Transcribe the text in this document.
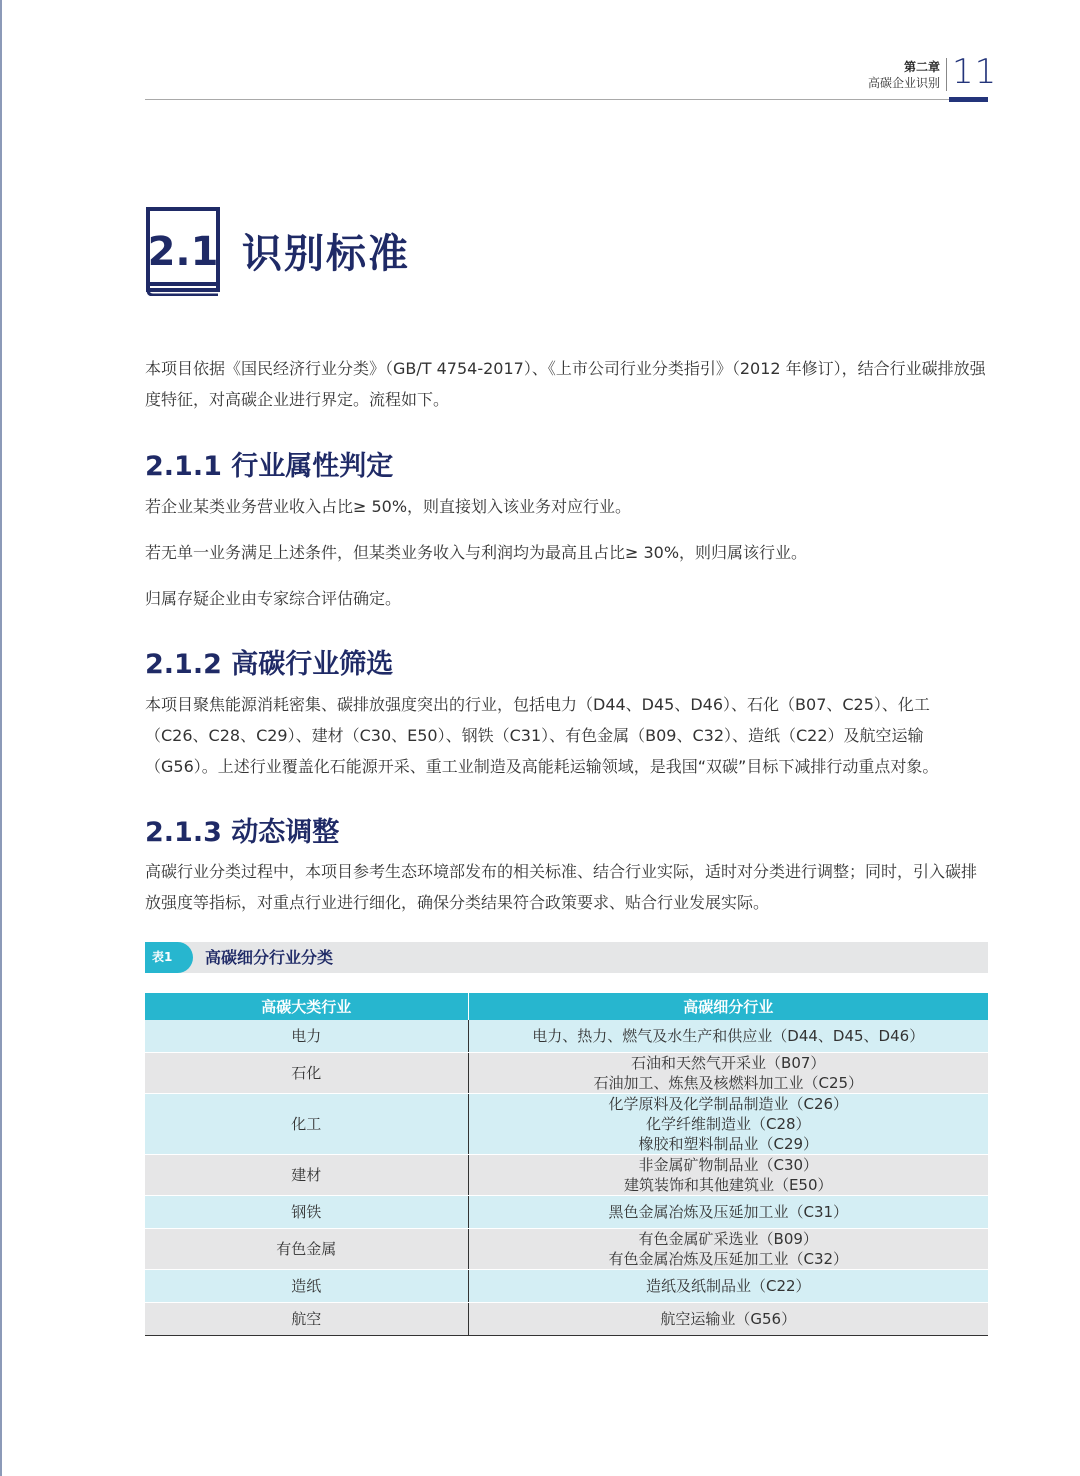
第二章
高碳企业识别 11
2.1 识别标准
本项目依据《国民经济行业分类》（GB/T 4754-2017）、《上市公司行业分类指引》（2012 年修订），结合行业碳排放强度特征，对高碳企业进行界定。流程如下。
2.1.1 行业属性判定
若企业某类业务营业收入占比≥ 50%，则直接划入该业务对应行业。
若无单一业务满足上述条件，但某类业务收入与利润均为最高且占比≥ 30%，则归属该行业。
归属存疑企业由专家综合评估确定。
2.1.2 高碳行业筛选
本项目聚焦能源消耗密集、碳排放强度突出的行业，包括电力（D44、D45、D46）、石化（B07、C25）、化工（C26、C28、C29）、建材（C30、E50）、钢铁（C31）、有色金属（B09、C32）、造纸（C22）及航空运输（G56）。上述行业覆盖化石能源开采、重工业制造及高能耗运输领域，是我国“双碳”目标下减排行动重点对象。
2.1.3 动态调整
高碳行业分类过程中，本项目参考生态环境部发布的相关标准、结合行业实际，适时对分类进行调整；同时，引入碳排放强度等指标，对重点行业进行细化，确保分类结果符合政策要求、贴合行业发展实际。
表1	高碳细分行业分类
高碳大类行业	高碳细分行业
电力	电力、热力、燃气及水生产和供应业（D44、D45、D46）

石化	石油和天然气开采业（B07）
石油加工、炼焦及核燃料加工业（C25）

化工	化学原料及化学制品制造业（C26）
化学纤维制造业（C28）
橡胶和塑料制品业（C29）

建材	非金属矿物制品业（C30）
建筑装饰和其他建筑业（E50）

钢铁	黑色金属冶炼及压延加工业（C31）

有色金属	有色金属矿采选业（B09）
有色金属冶炼及压延加工业（C32）

造纸	造纸及纸制品业（C22）

航空	航空运输业（G56）
